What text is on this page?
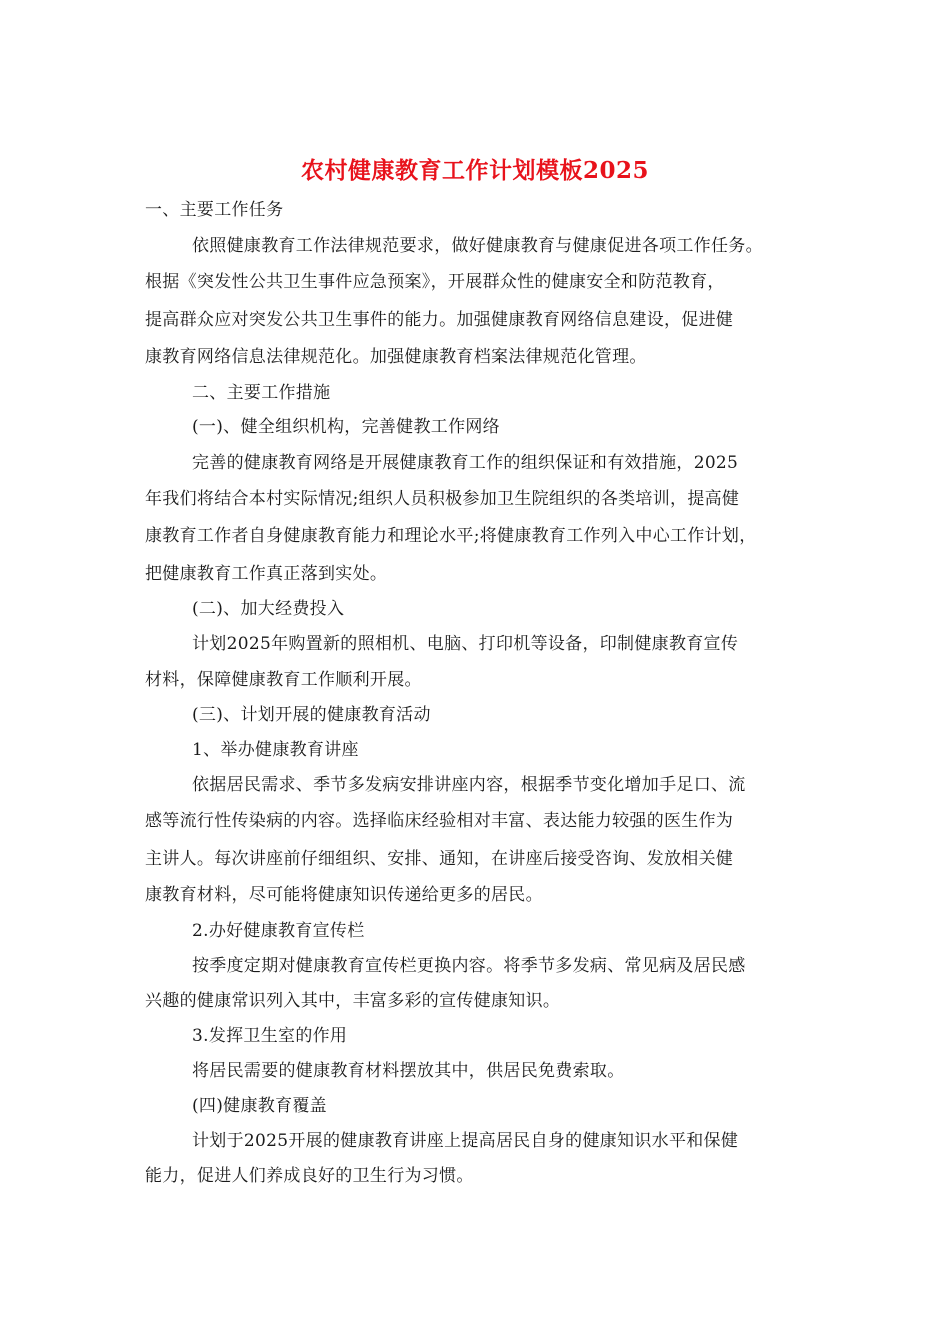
农村健康教育工作计划模板2025
一、主要工作任务
依照健康教育工作法律规范要求，做好健康教育与健康促进各项工作任务。
根据《突发性公共卫生事件应急预案》，开展群众性的健康安全和防范教育，
提高群众应对突发公共卫生事件的能力。加强健康教育网络信息建设，促进健
康教育网络信息法律规范化。加强健康教育档案法律规范化管理。
二、主要工作措施
(一)、健全组织机构，完善健教工作网络
完善的健康教育网络是开展健康教育工作的组织保证和有效措施，2025
年我们将结合本村实际情况;组织人员积极参加卫生院组织的各类培训，提高健
康教育工作者自身健康教育能力和理论水平;将健康教育工作列入中心工作计划，
把健康教育工作真正落到实处。
(二)、加大经费投入
计划2025年购置新的照相机、电脑、打印机等设备，印制健康教育宣传
材料，保障健康教育工作顺利开展。
(三)、计划开展的健康教育活动
1、举办健康教育讲座
依据居民需求、季节多发病安排讲座内容，根据季节变化增加手足口、流
感等流行性传染病的内容。选择临床经验相对丰富、表达能力较强的医生作为
主讲人。每次讲座前仔细组织、安排、通知，在讲座后接受咨询、发放相关健
康教育材料，尽可能将健康知识传递给更多的居民。
2.办好健康教育宣传栏
按季度定期对健康教育宣传栏更换内容。将季节多发病、常见病及居民感
兴趣的健康常识列入其中，丰富多彩的宣传健康知识。
3.发挥卫生室的作用
将居民需要的健康教育材料摆放其中，供居民免费索取。
(四)健康教育覆盖
计划于2025开展的健康教育讲座上提高居民自身的健康知识水平和保健
能力，促进人们养成良好的卫生行为习惯。
